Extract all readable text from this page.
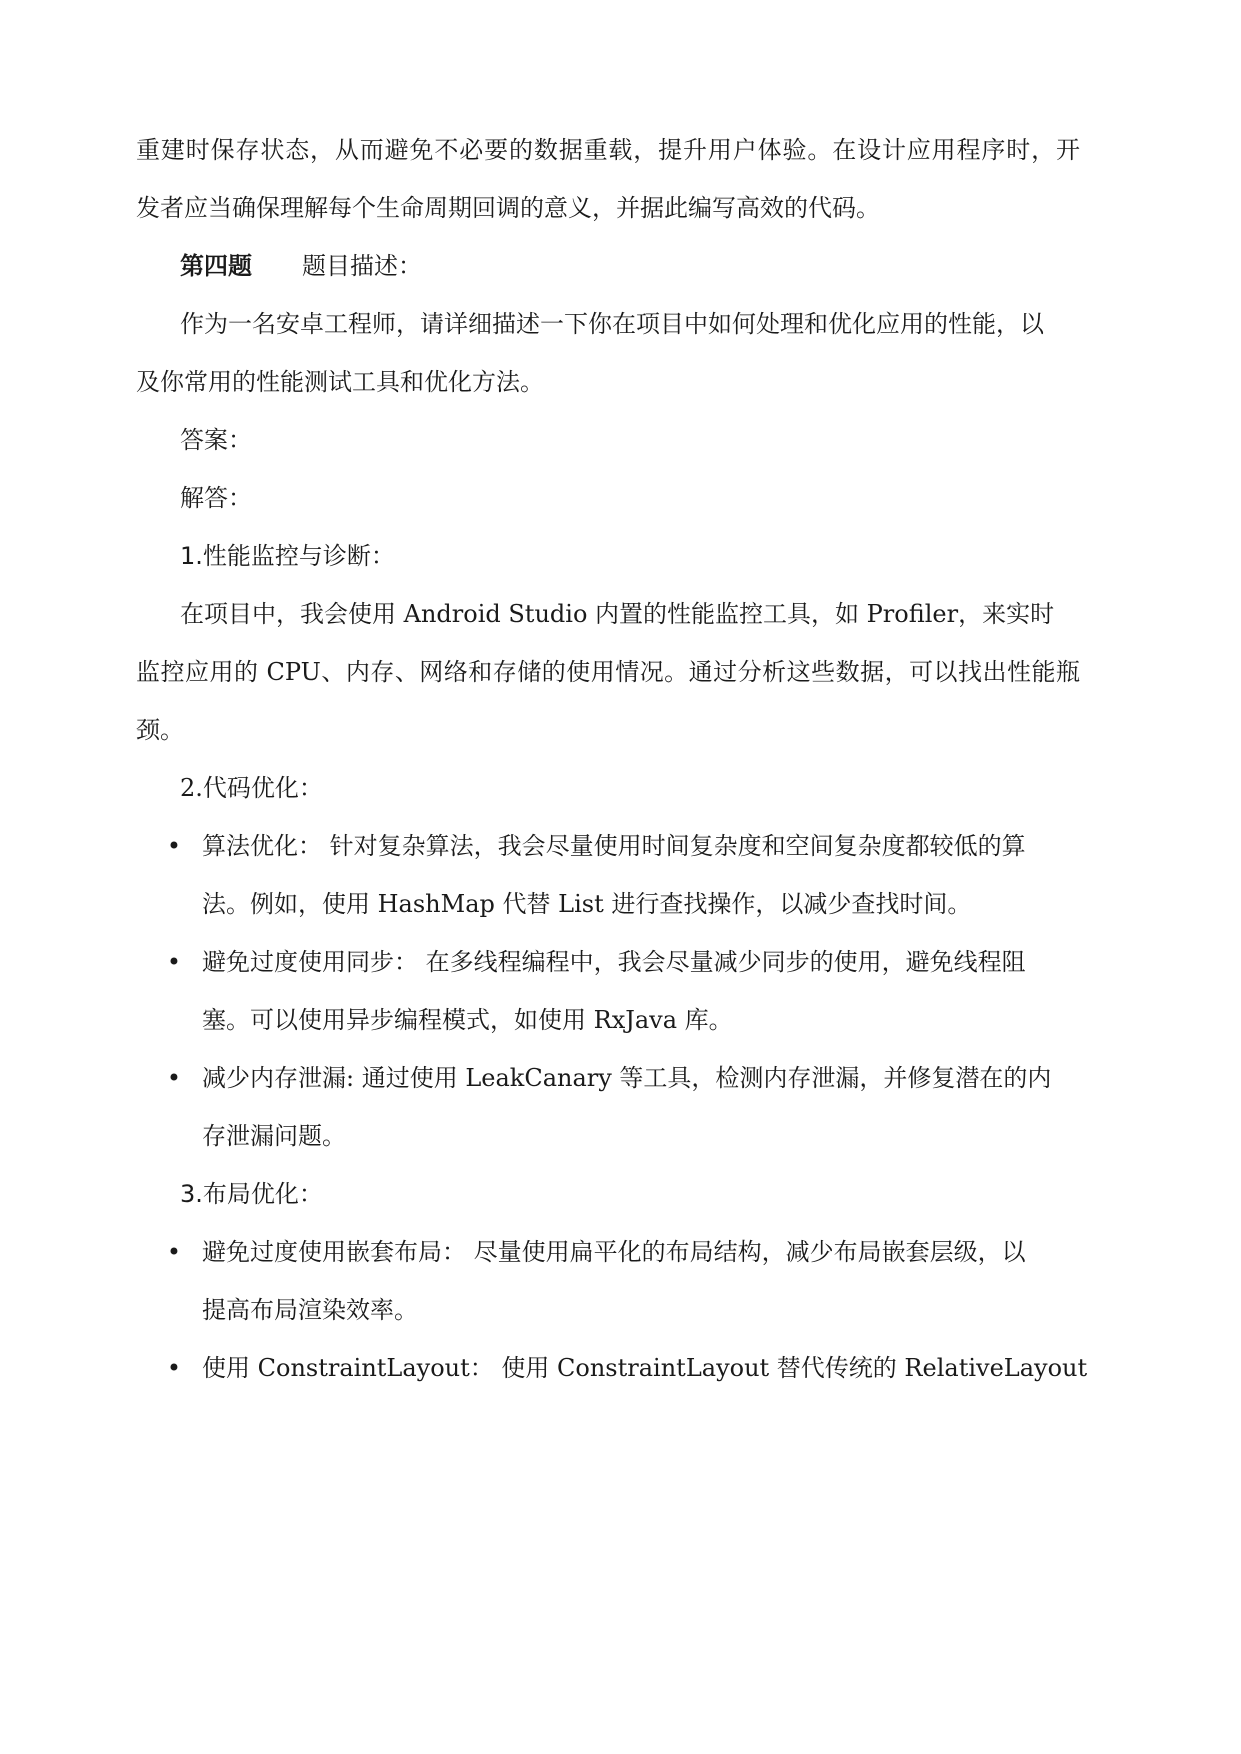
重建时保存状态，从而避免不必要的数据重载，提升用户体验。在设计应用程序时，开
发者应当确保理解每个生命周期回调的意义，并据此编写高效的代码。
第四题 题目描述：
作为一名安卓工程师，请详细描述一下你在项目中如何处理和优化应用的性能，以
及你常用的性能测试工具和优化方法。
答案：
解答：
1.性能监控与诊断：
在项目中，我会使用 Android Studio 内置的性能监控工具，如 Profiler，来实时
监控应用的 CPU、内存、网络和存储的使用情况。通过分析这些数据，可以找出性能瓶
颈。
2.代码优化：
• 算法优化： 针对复杂算法，我会尽量使用时间复杂度和空间复杂度都较低的算
法。例如，使用 HashMap 代替 List 进行查找操作，以减少查找时间。
• 避免过度使用同步： 在多线程编程中，我会尽量减少同步的使用，避免线程阻
塞。可以使用异步编程模式，如使用 RxJava 库。
• 减少内存泄漏: 通过使用 LeakCanary 等工具，检测内存泄漏，并修复潜在的内
存泄漏问题。
3.布局优化：
• 避免过度使用嵌套布局： 尽量使用扁平化的布局结构，减少布局嵌套层级，以
提高布局渲染效率。
• 使用 ConstraintLayout： 使用 ConstraintLayout 替代传统的 RelativeLayout
